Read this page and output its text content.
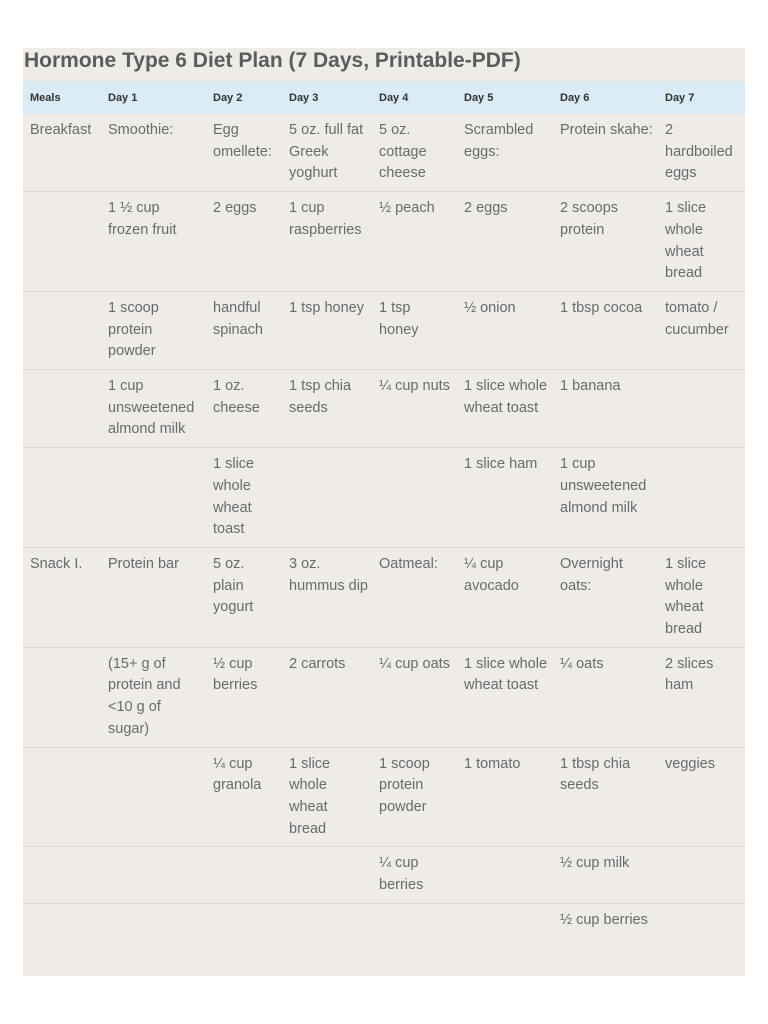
Hormone Type 6 Diet Plan (7 Days, Printable-PDF)
Meals	Day 1	Day 2	Day 3	Day 4	Day 5	Day 6	Day 7
Breakfast	Smoothie:	Egg omellete:	5 oz. full fat Greek yoghurt	5 oz. cottage cheese	Scrambled eggs:	Protein skahe:	2 hardboiled eggs
	1 ½ cup frozen fruit	2 eggs	1 cup raspberries	½ peach	2 eggs	2 scoops protein	1 slice whole wheat bread
	1 scoop protein powder	handful spinach	1 tsp honey	1 tsp honey	½ onion	1 tbsp cocoa	tomato / cucumber
	1 cup unsweetened almond milk	1 oz. cheese	1 tsp chia seeds	¼ cup nuts	1 slice whole wheat toast	1 banana	
		1 slice whole wheat toast			1 slice ham	1 cup unsweetened almond milk	
Snack I.	Protein bar	5 oz. plain yogurt	3 oz. hummus dip	Oatmeal:	¼ cup avocado	Overnight oats:	1 slice whole wheat bread
	(15+ g of protein and <10 g of sugar)	½ cup berries	2 carrots	¼ cup oats	1 slice whole wheat toast	¼ oats	2 slices ham
		¼ cup granola	1 slice whole wheat bread	1 scoop protein powder	1 tomato	1 tbsp chia seeds	veggies
				¼ cup berries		½ cup milk	
						½ cup berries	
